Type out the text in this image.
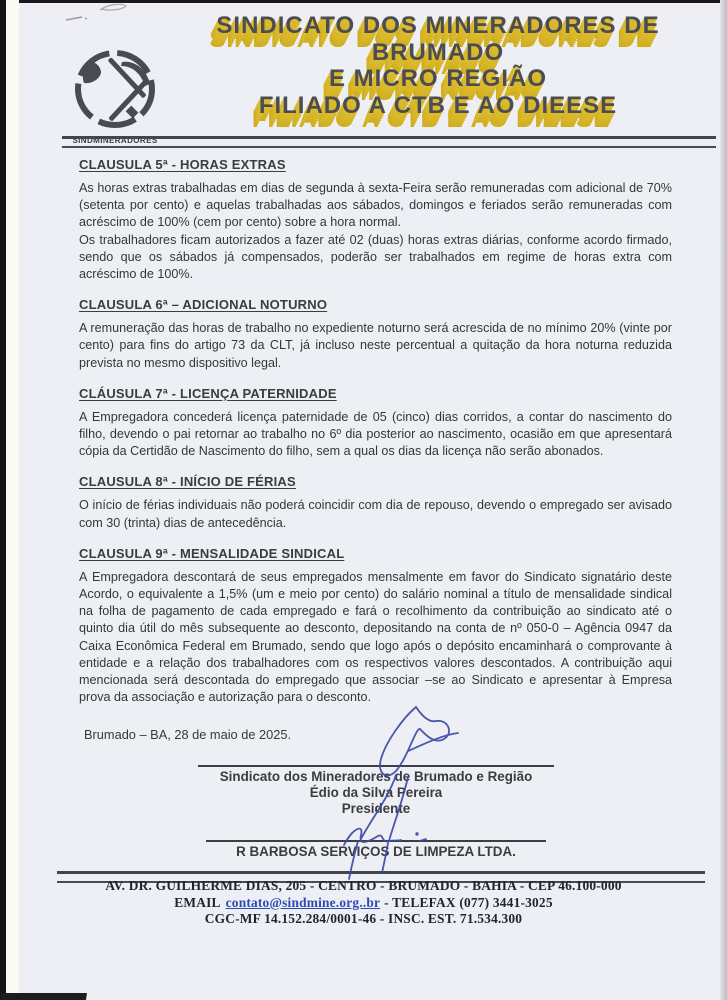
SINDICATO DOS MINERADORES DE
BRUMADO
E MICRO REGIÃO
FILIADO A CTB E AO DIEESE
SINDMINERADORES

CLAUSULA 5ª - HORAS EXTRAS

As horas extras trabalhadas em dias de segunda à sexta-Feira serão remuneradas com adicional de 70% (setenta por cento) e aquelas trabalhadas aos sábados, domingos e feriados serão remuneradas com acréscimo de 100% (cem por cento) sobre a hora normal.

Os trabalhadores ficam autorizados a fazer até 02 (duas) horas extras diárias, conforme acordo firmado, sendo que os sábados já compensados, poderão ser trabalhados em regime de horas extra com acréscimo de 100%.

CLAUSULA 6ª – ADICIONAL NOTURNO

A remuneração das horas de trabalho no expediente noturno será acrescida de no mínimo 20% (vinte por cento) para fins do artigo 73 da CLT, já incluso neste percentual a quitação da hora noturna reduzida prevista no mesmo dispositivo legal.

CLÁUSULA 7ª - LICENÇA PATERNIDADE

A Empregadora concederá licença paternidade de 05 (cinco) dias corridos, a contar do nascimento do filho, devendo o pai retornar ao trabalho no 6º dia posterior ao nascimento, ocasião em que apresentará cópia da Certidão de Nascimento do filho, sem a qual os dias da licença não serão abonados.

CLAUSULA 8ª - INÍCIO DE FÉRIAS

O início de férias individuais não poderá coincidir com dia de repouso, devendo o empregado ser avisado com 30 (trinta) dias de antecedência.

CLAUSULA 9ª - MENSALIDADE SINDICAL

A Empregadora descontará de seus empregados mensalmente em favor do Sindicato signatário deste Acordo, o equivalente a 1,5% (um e meio por cento) do salário nominal a título de mensalidade sindical na folha de pagamento de cada empregado e fará o recolhimento da contribuição ao sindicato até o quinto dia útil do mês subsequente ao desconto, depositando na conta de nº 050-0 – Agência 0947 da Caixa Econômica Federal em Brumado, sendo que logo após o depósito encaminhará o comprovante à entidade e a relação dos trabalhadores com os respectivos valores descontados. A contribuição aqui mencionada será descontada do empregado que associar –se ao Sindicato e apresentar à Empresa prova da associação e autorização para o desconto.

Brumado – BA, 28 de maio de 2025.
Sindicato dos Mineradores de Brumado e Região
Édio da Silva Pereira
Presidente
R BARBOSA SERVIÇOS DE LIMPEZA LTDA.
AV. DR. GUILHERME DIAS, 205 - CENTRO - BRUMADO - BAHIA - CEP 46.100-000
EMAIL contato@sindmine.org..br - TELEFAX (077) 3441-3025
CGC-MF 14.152.284/0001-46 - INSC. EST. 71.534.300
